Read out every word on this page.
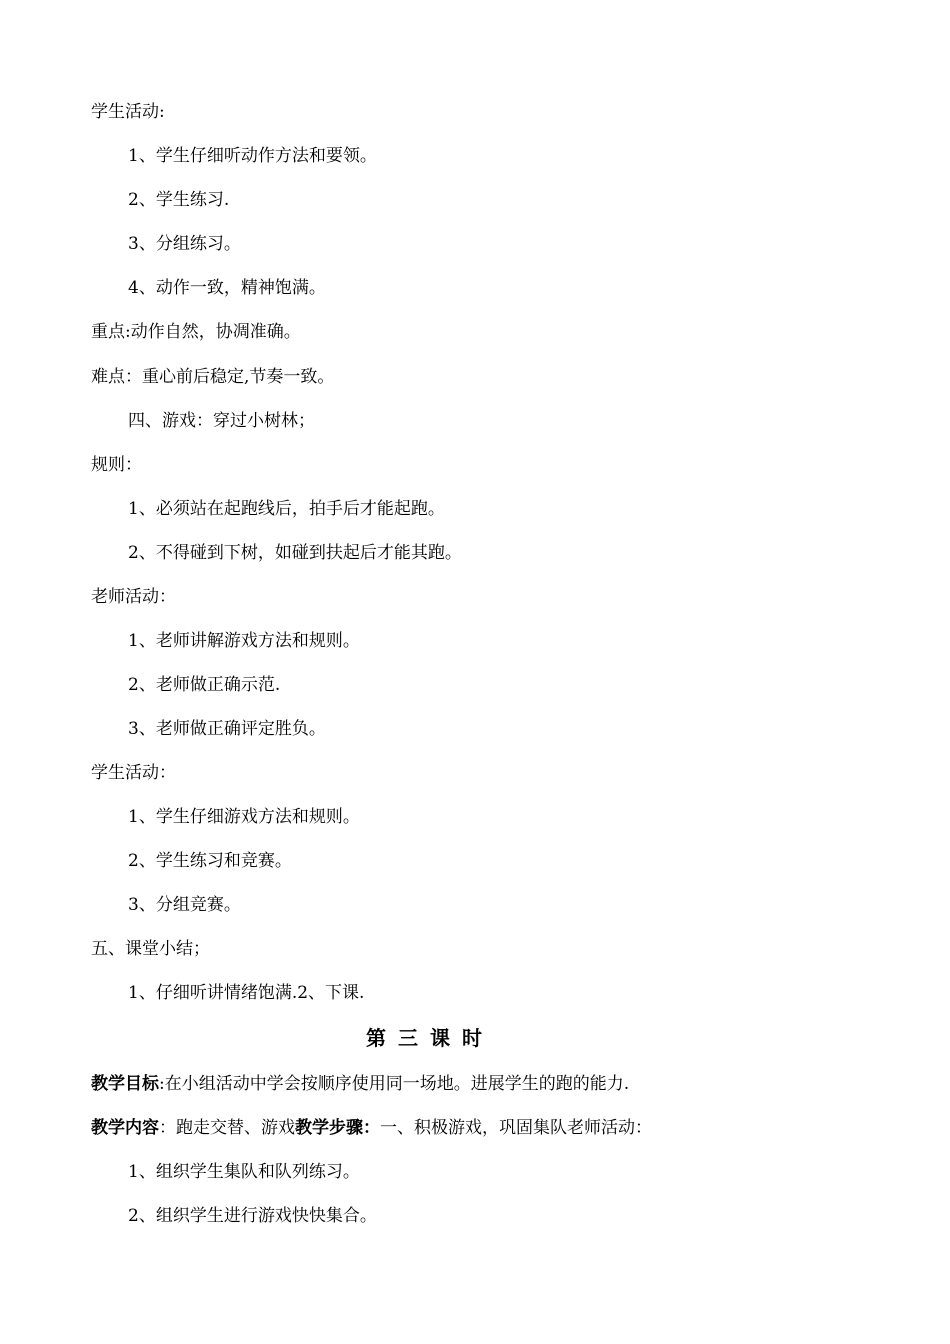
学生活动:
1、学生仔细听动作方法和要领。
2、学生练习.
3、分组练习。
4、动作一致，精神饱满。
重点:动作自然，协凋准确。
难点：重心前后稳定,节奏一致。
四、游戏：穿过小树林；
规则：
1、必须站在起跑线后，拍手后才能起跑。
2、不得碰到下树，如碰到扶起后才能其跑。
老师活动：
1、老师讲解游戏方法和规则。
2、老师做正确示范.
3、老师做正确评定胜负。
学生活动：
1、学生仔细游戏方法和规则。
2、学生练习和竞赛。
3、分组竞赛。
五、课堂小结；
1、仔细听讲情绪饱满.2、下课.
第三课时
教学目标:在小组活动中学会按顺序使用同一场地。进展学生的跑的能力.
教学内容：跑走交替、游戏教学步骤：一、积极游戏，巩固集队老师活动：
1、组织学生集队和队列练习。
2、组织学生进行游戏快快集合。
